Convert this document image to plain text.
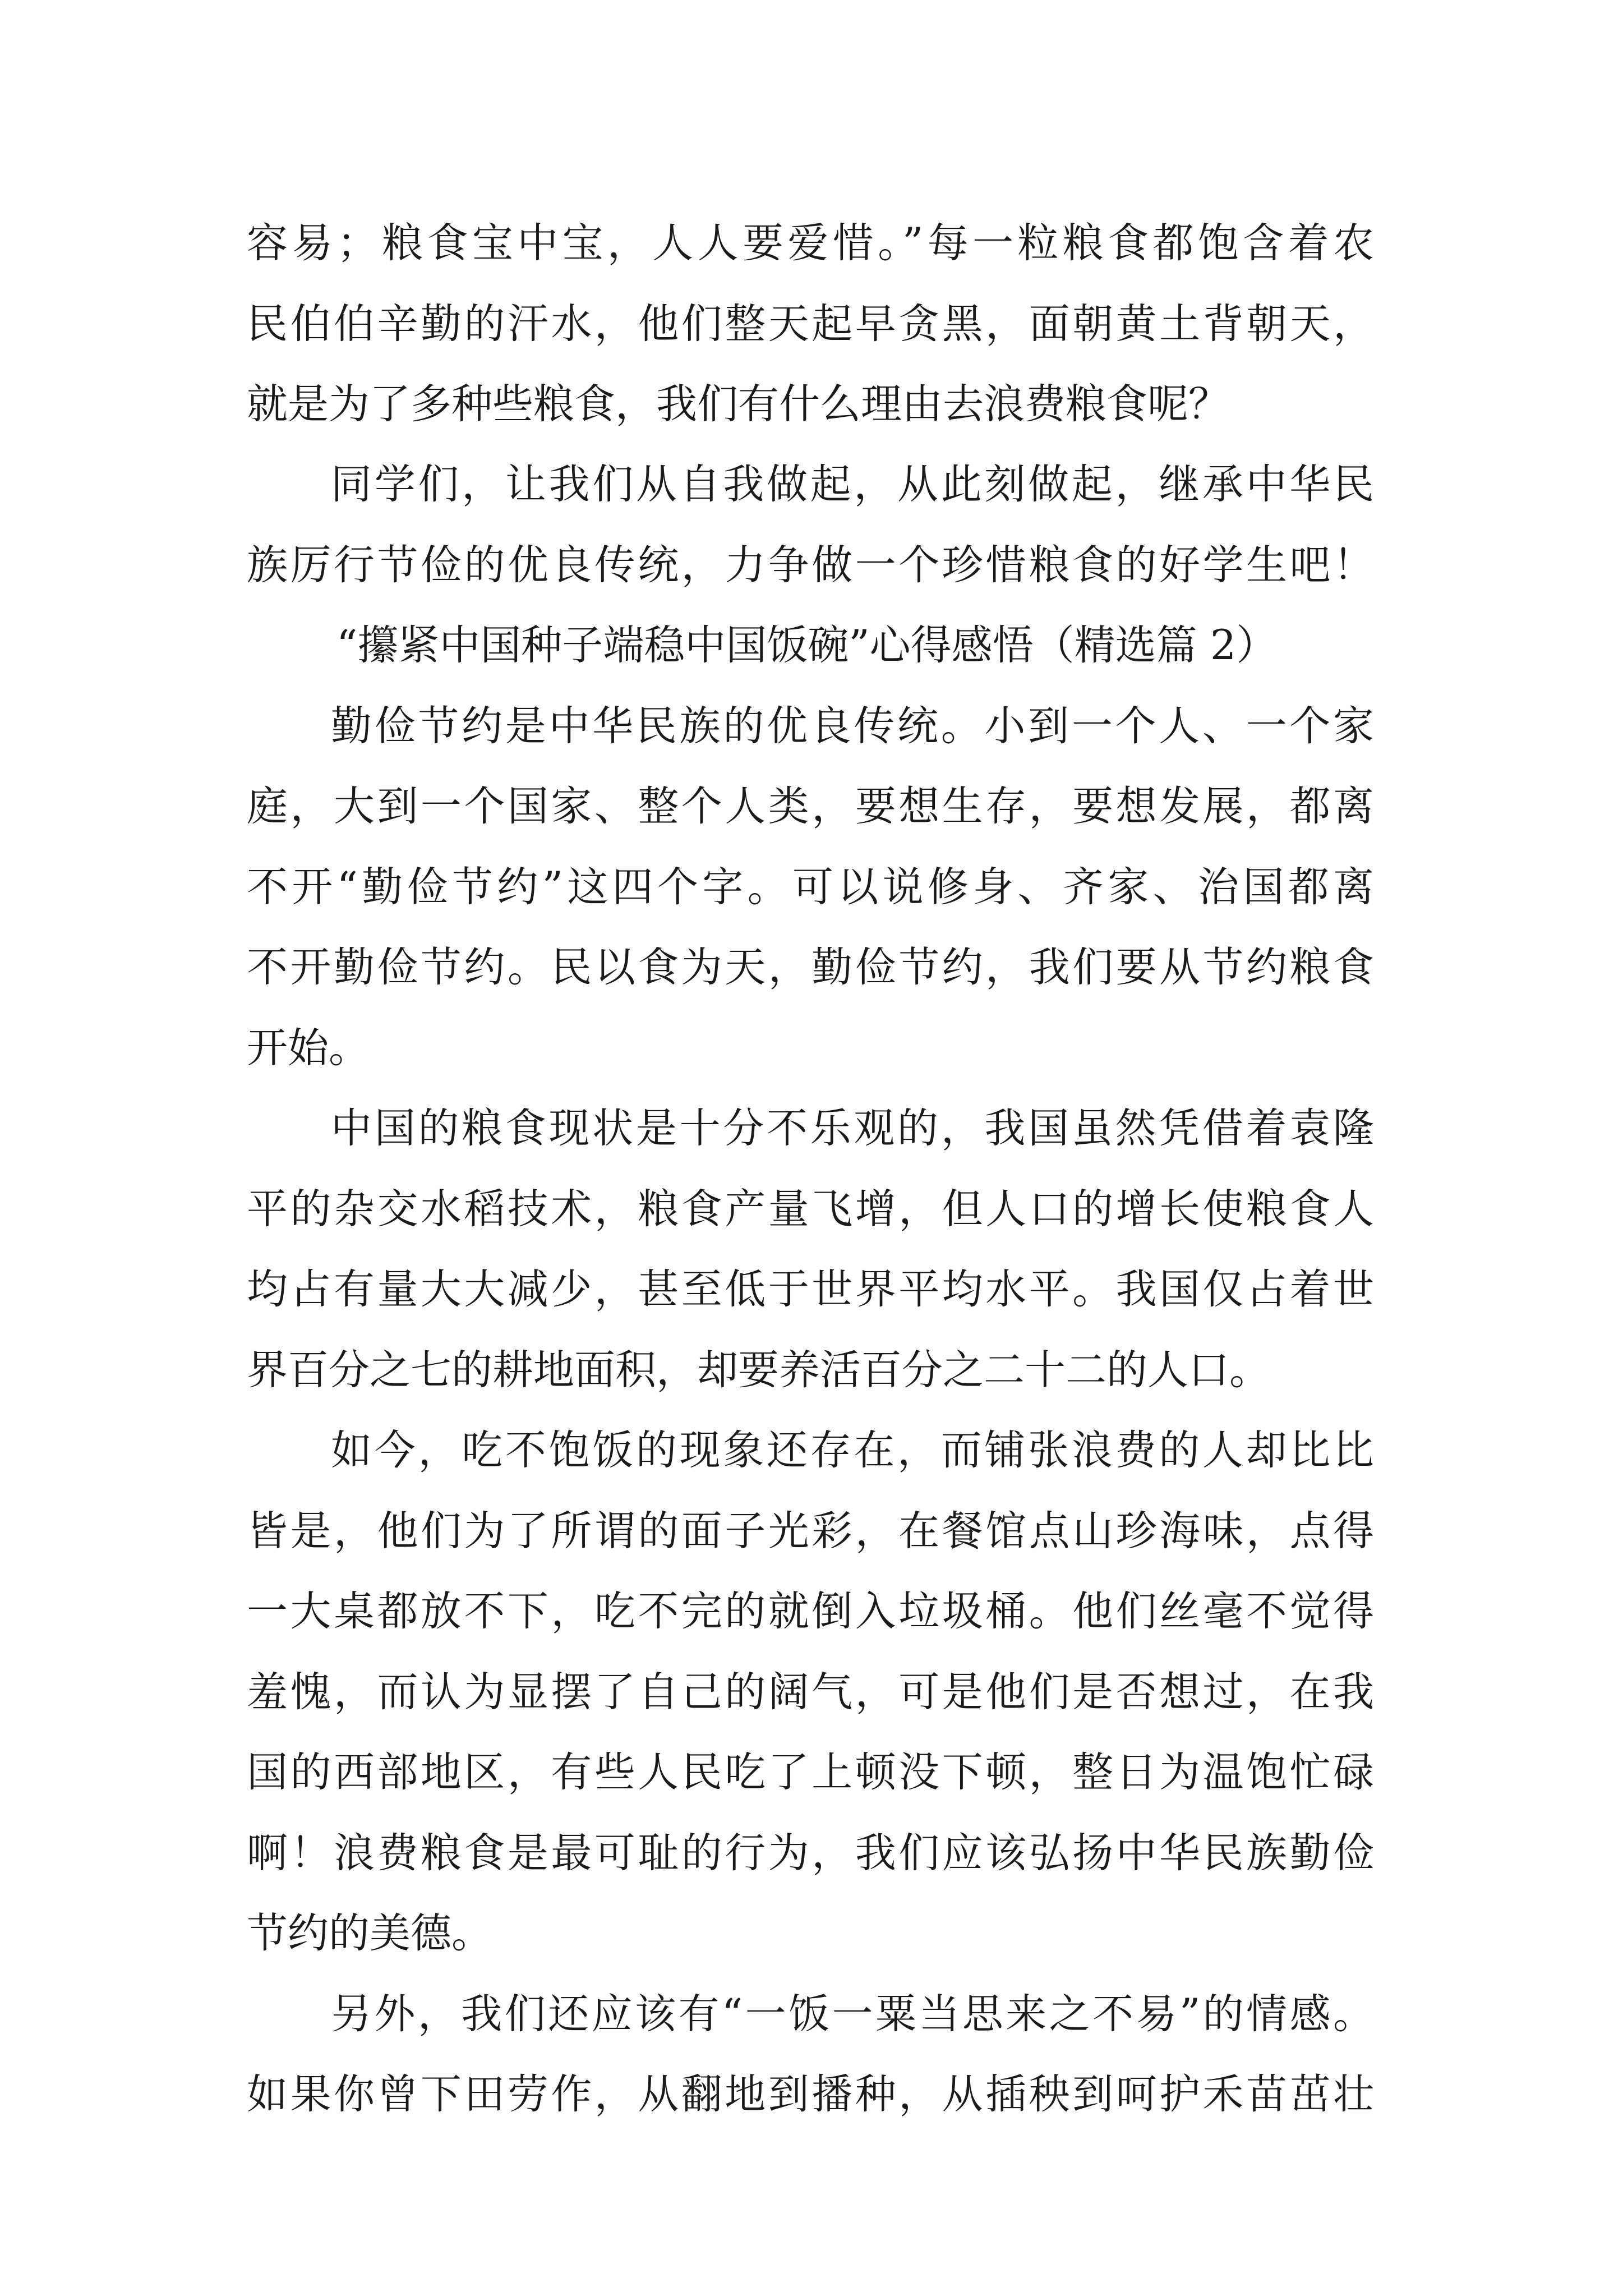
容易；粮食宝中宝，人人要爱惜。”每一粒粮食都饱含着农
民伯伯辛勤的汗水，他们整天起早贪黑，面朝黄土背朝天，
就是为了多种些粮食，我们有什么理由去浪费粮食呢？
同学们，让我们从自我做起，从此刻做起，继承中华民
族厉行节俭的优良传统，力争做一个珍惜粮食的好学生吧！
“攥紧中国种子端稳中国饭碗”心得感悟（精选篇 2）
勤俭节约是中华民族的优良传统。小到一个人、一个家
庭，大到一个国家、整个人类，要想生存，要想发展，都离
不开“勤俭节约”这四个字。可以说修身、齐家、治国都离
不开勤俭节约。民以食为天，勤俭节约，我们要从节约粮食
开始。
中国的粮食现状是十分不乐观的，我国虽然凭借着袁隆
平的杂交水稻技术，粮食产量飞增，但人口的增长使粮食人
均占有量大大减少，甚至低于世界平均水平。我国仅占着世
界百分之七的耕地面积，却要养活百分之二十二的人口。
如今，吃不饱饭的现象还存在，而铺张浪费的人却比比
皆是，他们为了所谓的面子光彩，在餐馆点山珍海味，点得
一大桌都放不下，吃不完的就倒入垃圾桶。他们丝毫不觉得
羞愧，而认为显摆了自己的阔气，可是他们是否想过，在我
国的西部地区，有些人民吃了上顿没下顿，整日为温饱忙碌
啊！浪费粮食是最可耻的行为，我们应该弘扬中华民族勤俭
节约的美德。
另外，我们还应该有“一饭一粟当思来之不易”的情感。
如果你曾下田劳作，从翻地到播种，从插秧到呵护禾苗茁壮
